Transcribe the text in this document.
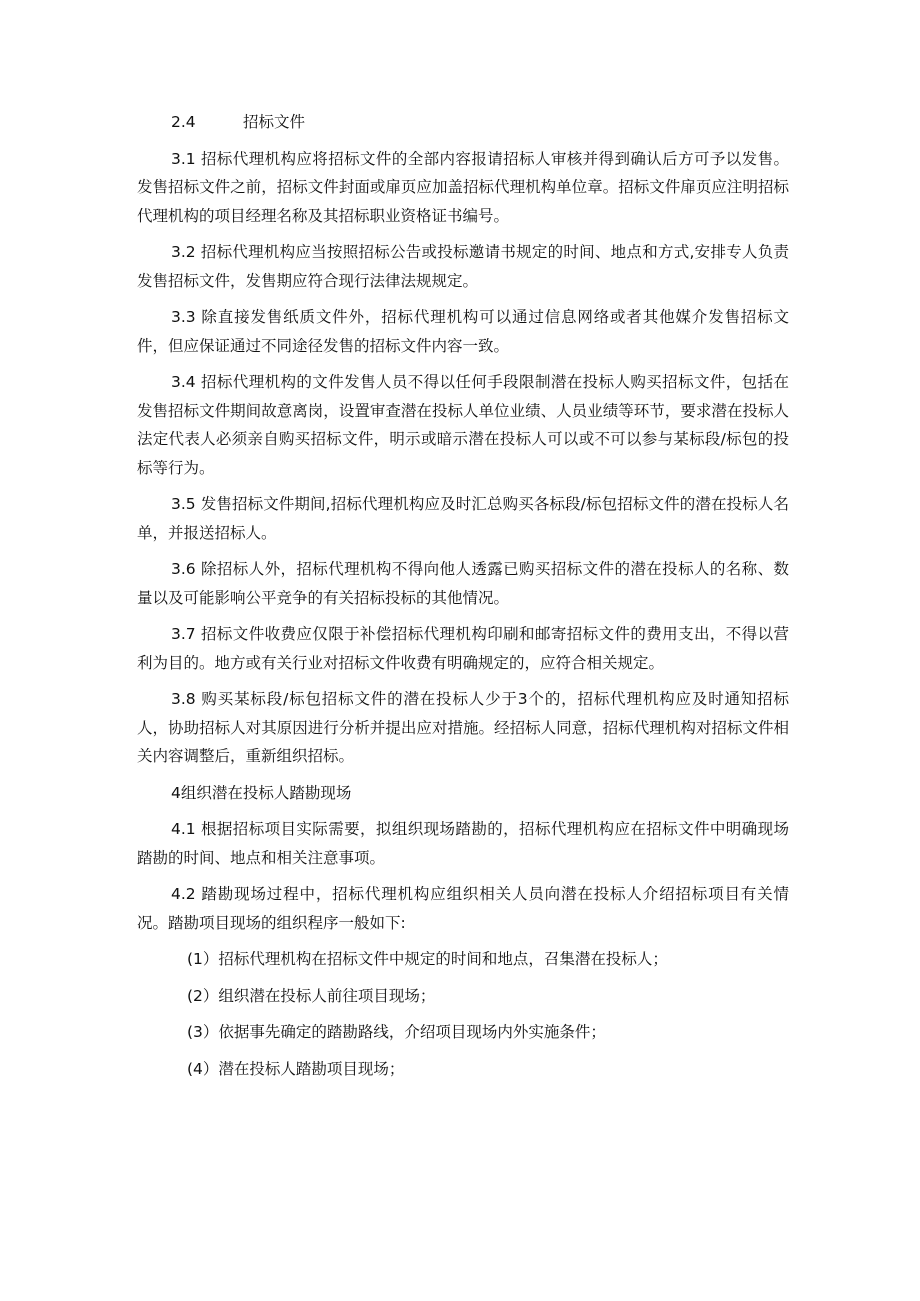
2.4	招标文件

3.1 招标代理机构应将招标文件的全部内容报请招标人审核并得到确认后方可予以发售。发售招标文件之前，招标文件封面或扉页应加盖招标代理机构单位章。招标文件扉页应注明招标代理机构的项目经理名称及其招标职业资格证书编号。

3.2 招标代理机构应当按照招标公告或投标邀请书规定的时间、地点和方式,安排专人负责发售招标文件，发售期应符合现行法律法规规定。

3.3 除直接发售纸质文件外，招标代理机构可以通过信息网络或者其他媒介发售招标文件，但应保证通过不同途径发售的招标文件内容一致。

3.4 招标代理机构的文件发售人员不得以任何手段限制潜在投标人购买招标文件，包括在发售招标文件期间故意离岗，设置审查潜在投标人单位业绩、人员业绩等环节，要求潜在投标人法定代表人必须亲自购买招标文件，明示或暗示潜在投标人可以或不可以参与某标段/标包的投标等行为。

3.5 发售招标文件期间,招标代理机构应及时汇总购买各标段/标包招标文件的潜在投标人名单，并报送招标人。

3.6 除招标人外，招标代理机构不得向他人透露已购买招标文件的潜在投标人的名称、数量以及可能影响公平竞争的有关招标投标的其他情况。

3.7 招标文件收费应仅限于补偿招标代理机构印刷和邮寄招标文件的费用支出，不得以营利为目的。地方或有关行业对招标文件收费有明确规定的，应符合相关规定。

3.8 购买某标段/标包招标文件的潜在投标人少于3个的，招标代理机构应及时通知招标人，协助招标人对其原因进行分析并提出应对措施。经招标人同意，招标代理机构对招标文件相关内容调整后，重新组织招标。

4组织潜在投标人踏勘现场

4.1 根据招标项目实际需要，拟组织现场踏勘的，招标代理机构应在招标文件中明确现场踏勘的时间、地点和相关注意事项。

4.2 踏勘现场过程中，招标代理机构应组织相关人员向潜在投标人介绍招标项目有关情况。踏勘项目现场的组织程序一般如下:

(1）招标代理机构在招标文件中规定的时间和地点，召集潜在投标人；
(2）组织潜在投标人前往项目现场；
(3）依据事先确定的踏勘路线，介绍项目现场内外实施条件；
(4）潜在投标人踏勘项目现场；
